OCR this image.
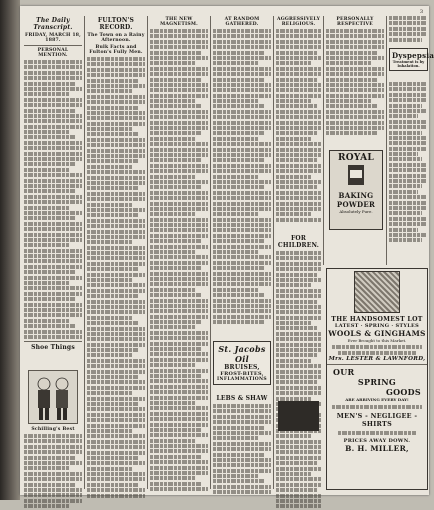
3
The Daily Transcript.
FRIDAY, MARCH 18, 1887.
PERSONAL MENTION.
Shoe Things
Schilling's Best
FULTON'S RECORD.
The Town on a Rainy Afternoon.
Bulk Facts and Fulton's Fully Men.
THE NEW MAGNETISM.
AT RANDOM GATHERED.
St. Jacobs Oil
BRUISES,
FROST-BITES,
INFLAMMATIONS
LEBS & SHAW
AGGRESSIVELY RELIGIOUS.
FOR CHILDREN.
PERSONALLY RESPECTIVE
ROYAL
BAKING
POWDER
Absolutely Pure.
Dyspepsia
Treatment is by Inhalation.
THE HANDSOMEST LOT
LATEST · SPRING · STYLES
WOOLS & GINGHAMS
Ever Brought to this Market.
Mrs. LESTER & LAWNFORD,
OUR
SPRING
GOODS
ARE ARRIVING EVERY DAY!
MEN'S - NEGLIGEE - SHIRTS
PRICES AWAY DOWN.
B. H. MILLER,
